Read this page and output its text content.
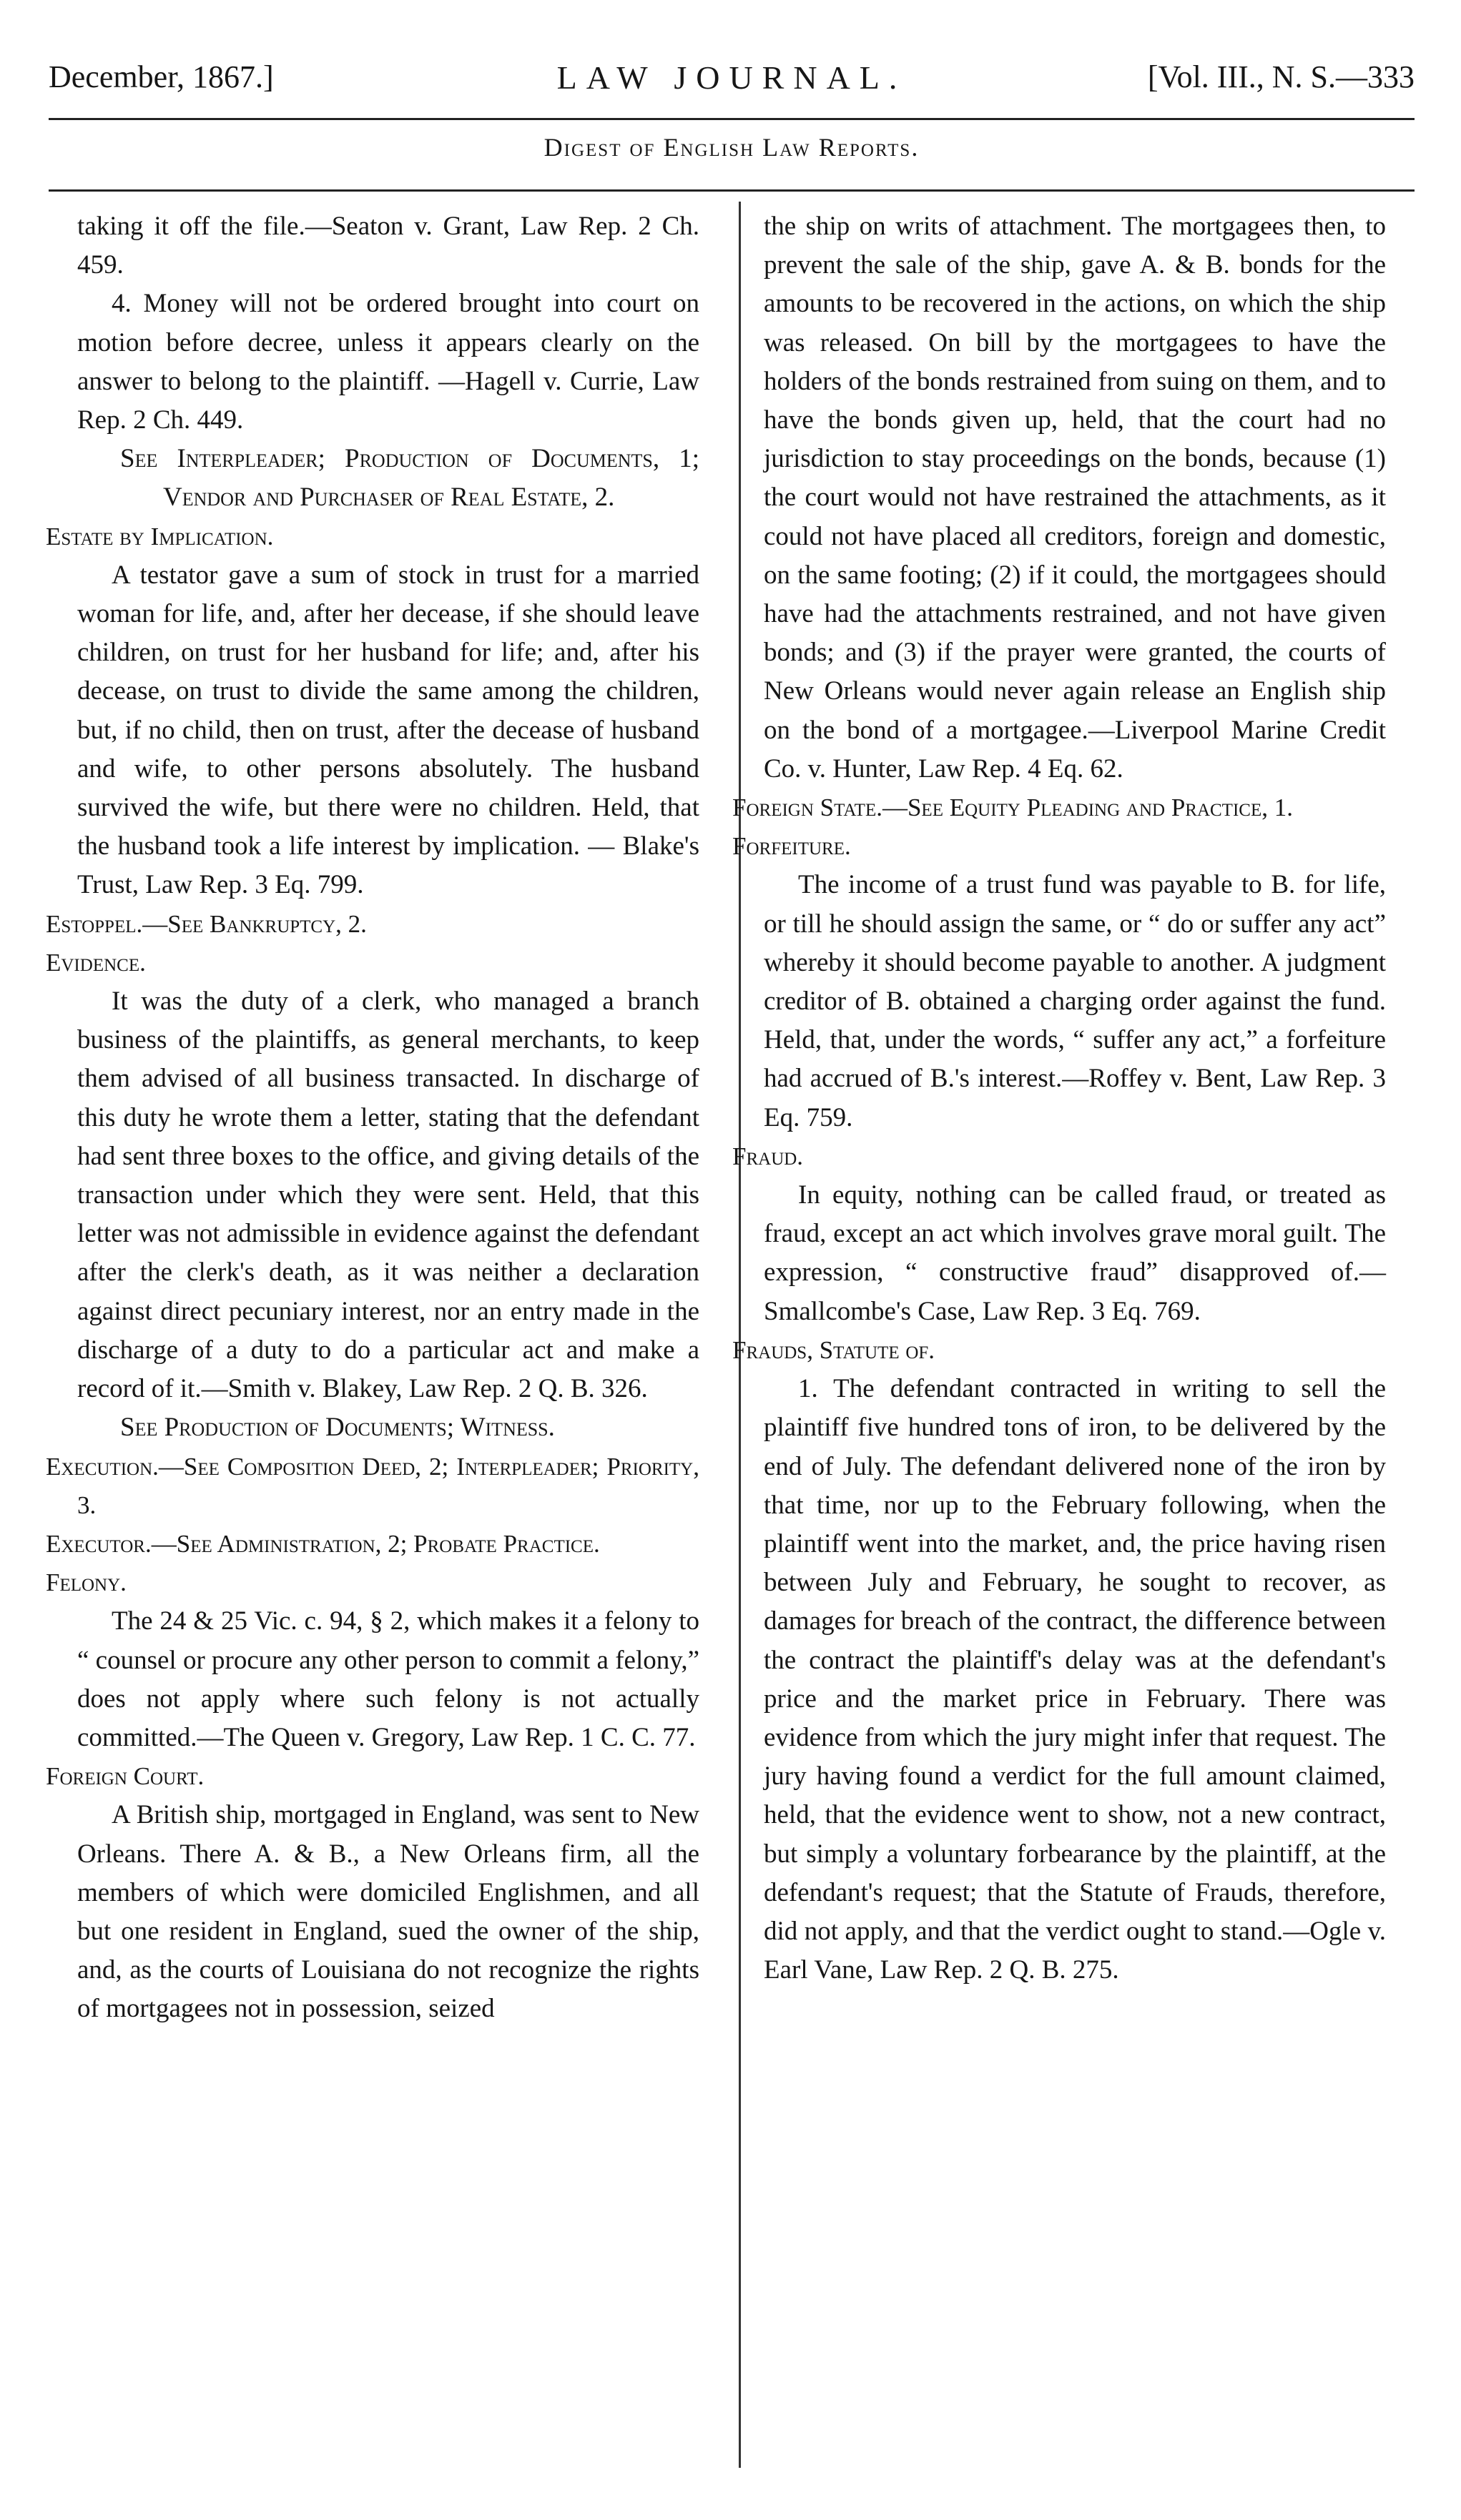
December, 1867.]	LAW JOURNAL.	[Vol. III., N. S.—333
Digest of English Law Reports.

taking it off the file.—Seaton v. Grant, Law Rep. 2 Ch. 459.

4. Money will not be ordered brought into court on motion before decree, unless it appears clearly on the answer to belong to the plaintiff. —Hagell v. Currie, Law Rep. 2 Ch. 449.

See Interpleader; Production of Documents, 1; Vendor and Purchaser of Real Estate, 2.

Estate by Implication.

A testator gave a sum of stock in trust for a married woman for life, and, after her decease, if she should leave children, on trust for her husband for life; and, after his decease, on trust to divide the same among the children, but, if no child, then on trust, after the decease of husband and wife, to other persons absolutely. The husband survived the wife, but there were no children. Held, that the husband took a life interest by implication. — Blake's Trust, Law Rep. 3 Eq. 799.

Estoppel.—See Bankruptcy, 2.

Evidence.

It was the duty of a clerk, who managed a branch business of the plaintiffs, as general merchants, to keep them advised of all business transacted. In discharge of this duty he wrote them a letter, stating that the defendant had sent three boxes to the office, and giving details of the transaction under which they were sent. Held, that this letter was not admissible in evidence against the defendant after the clerk's death, as it was neither a declaration against direct pecuniary interest, nor an entry made in the discharge of a duty to do a particular act and make a record of it.—Smith v. Blakey, Law Rep. 2 Q. B. 326.

See Production of Documents; Witness.

Execution.—See Composition Deed, 2; Interpleader; Priority, 3.

Executor.—See Administration, 2; Probate Practice.

Felony.

The 24 & 25 Vic. c. 94, § 2, which makes it a felony to “ counsel or procure any other person to commit a felony,” does not apply where such felony is not actually committed.—The Queen v. Gregory, Law Rep. 1 C. C. 77.

Foreign Court.

A British ship, mortgaged in England, was sent to New Orleans. There A. & B., a New Orleans firm, all the members of which were domiciled Englishmen, and all but one resident in England, sued the owner of the ship, and, as the courts of Louisiana do not recognize the rights of mortgagees not in possession, seized

the ship on writs of attachment. The mortgagees then, to prevent the sale of the ship, gave A. & B. bonds for the amounts to be recovered in the actions, on which the ship was released. On bill by the mortgagees to have the holders of the bonds restrained from suing on them, and to have the bonds given up, held, that the court had no jurisdiction to stay proceedings on the bonds, because (1) the court would not have restrained the attachments, as it could not have placed all creditors, foreign and domestic, on the same footing; (2) if it could, the mortgagees should have had the attachments restrained, and not have given bonds; and (3) if the prayer were granted, the courts of New Orleans would never again release an English ship on the bond of a mortgagee.—Liverpool Marine Credit Co. v. Hunter, Law Rep. 4 Eq. 62.

Foreign State.—See Equity Pleading and Practice, 1.

Forfeiture.

The income of a trust fund was payable to B. for life, or till he should assign the same, or “ do or suffer any act” whereby it should become payable to another. A judgment creditor of B. obtained a charging order against the fund. Held, that, under the words, “ suffer any act,” a forfeiture had accrued of B.'s interest.—Roffey v. Bent, Law Rep. 3 Eq. 759.

Fraud.

In equity, nothing can be called fraud, or treated as fraud, except an act which involves grave moral guilt. The expression, “ constructive fraud” disapproved of.—Smallcombe's Case, Law Rep. 3 Eq. 769.

Frauds, Statute of.

1. The defendant contracted in writing to sell the plaintiff five hundred tons of iron, to be delivered by the end of July. The defendant delivered none of the iron by that time, nor up to the February following, when the plaintiff went into the market, and, the price having risen between July and February, he sought to recover, as damages for breach of the contract, the difference between the contract the plaintiff's delay was at the defendant's price and the market price in February. There was evidence from which the jury might infer that request. The jury having found a verdict for the full amount claimed, held, that the evidence went to show, not a new contract, but simply a voluntary forbearance by the plaintiff, at the defendant's request; that the Statute of Frauds, therefore, did not apply, and that the verdict ought to stand.—Ogle v. Earl Vane, Law Rep. 2 Q. B. 275.
